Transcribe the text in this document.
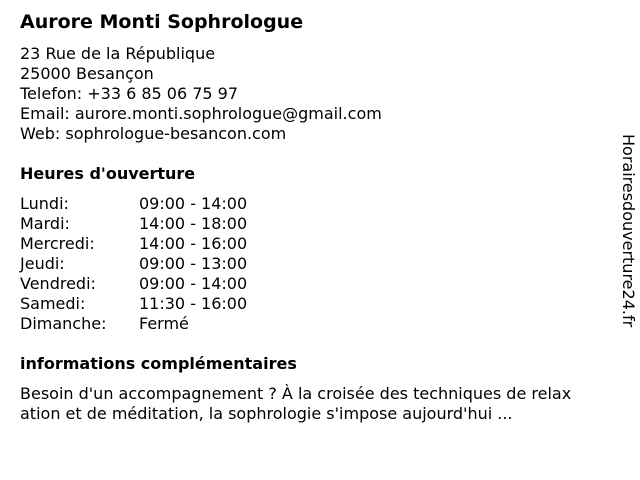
Aurore Monti Sophrologue
23 Rue de la République
25000 Besançon
Telefon: +33 6 85 06 75 97
Email: aurore.monti.sophrologue@gmail.com
Web: sophrologue-besancon.com
Heures d'ouverture
Lundi:	09:00 - 14:00
Mardi:	14:00 - 18:00
Mercredi:	14:00 - 16:00
Jeudi:	09:00 - 13:00
Vendredi:	09:00 - 14:00
Samedi:	11:30 - 16:00
Dimanche:	Fermé
informations complémentaires
Besoin d'un accompagnement ? À la croisée des techniques de relax
ation et de méditation, la sophrologie s'impose aujourd'hui ...
Horairesdouverture24.fr
